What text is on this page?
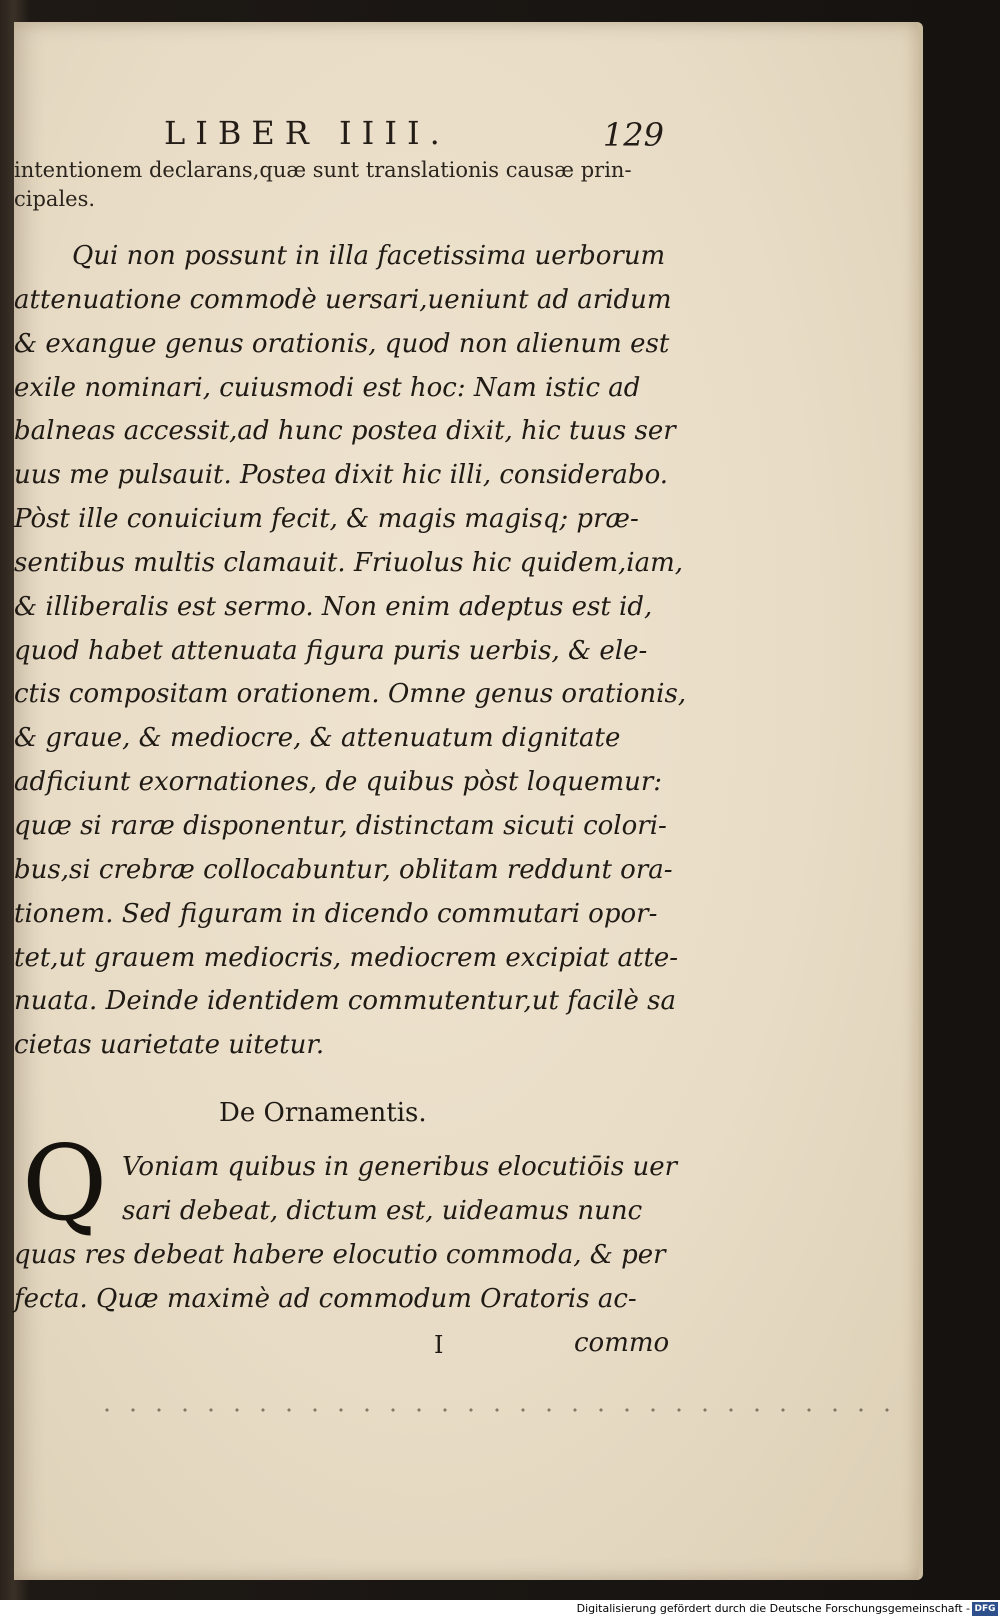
LIBER IIII.	129
intentionem declarans,quæ sunt translationis causæ prin-
cipales.
Qui non possunt in illa facetissima uerborum
attenuatione commodè uersari,ueniunt ad aridum
& exangue genus orationis, quod non alienum est
exile nominari, cuiusmodi est hoc: Nam istic ad
balneas accessit,ad hunc postea dixit, hic tuus ser
uus me pulsauit. Postea dixit hic illi, considerabo.
Pòst ille conuicium fecit, & magis magisq; præ-
sentibus multis clamauit. Friuolus hic quidem,iam,
& illiberalis est sermo. Non enim adeptus est id,
quod habet attenuata figura puris uerbis, & ele-
ctis compositam orationem. Omne genus orationis,
& graue, & mediocre, & attenuatum dignitate
adficiunt exornationes, de quibus pòst loquemur:
quæ si raræ disponentur, distinctam sicuti colori-
bus,si crebræ collocabuntur, oblitam reddunt ora-
tionem. Sed figuram in dicendo commutari opor-
tet,ut grauem mediocris, mediocrem excipiat atte-
nuata. Deinde identidem commutentur,ut facilè sa
cietas uarietate uitetur.
De Ornamentis.
Q Voniam quibus in generibus elocutiōis uer
sari debeat, dictum est, uideamus nunc
quas res debeat habere elocutio commoda, & per
fecta. Quæ maximè ad commodum Oratoris ac-
I	commo
Digitalisierung gefördert durch die Deutsche Forschungsgemeinschaft - DFG
